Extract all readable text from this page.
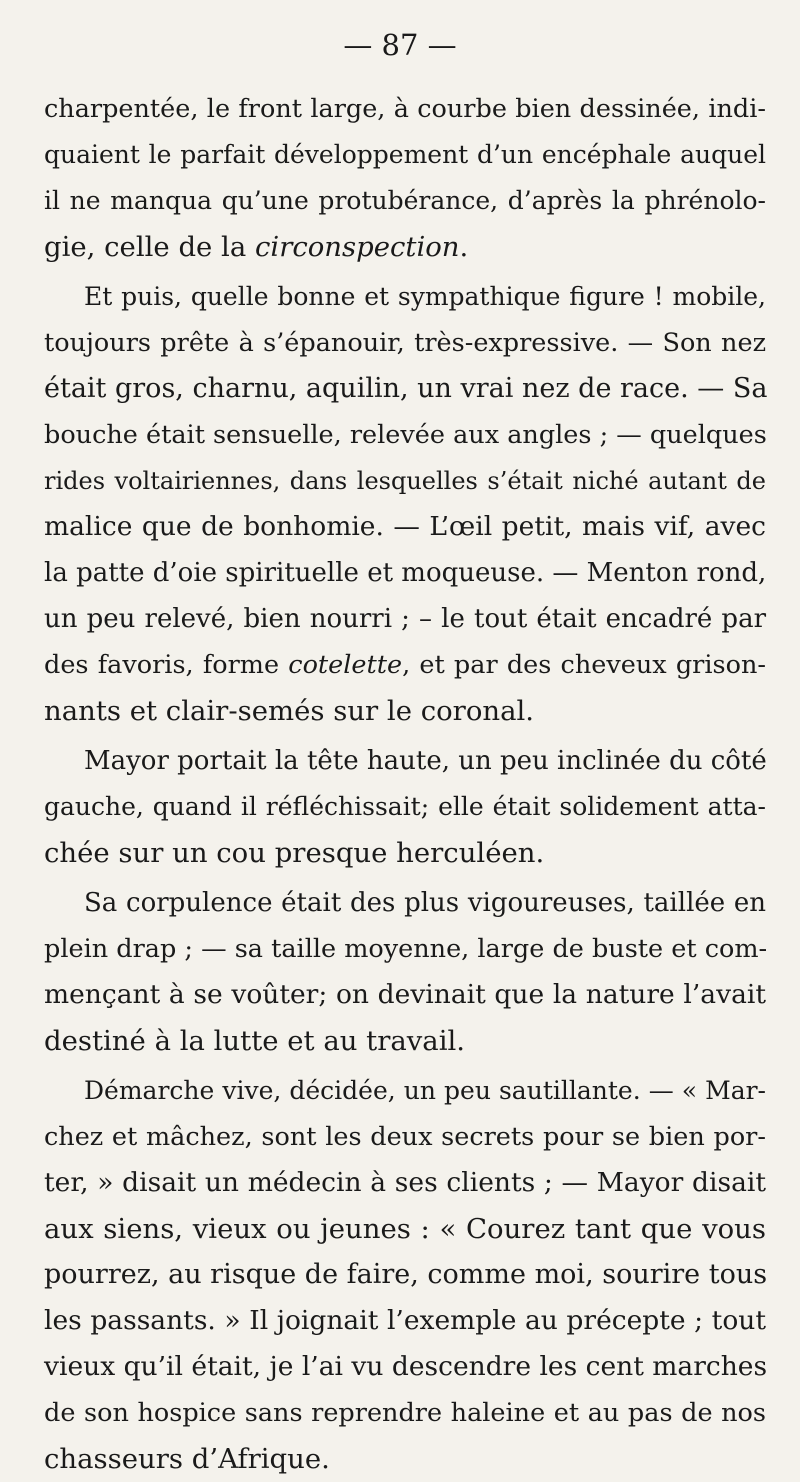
— 87 —
charpentée, le front large, à courbe bien dessinée, indi-
quaient le parfait développement d’un encéphale auquel
il ne manqua qu’une protubérance, d’après la phrénolo-
gie, celle de la circonspection.
Et puis, quelle bonne et sympathique figure ! mobile,
toujours prête à s’épanouir, très-expressive. — Son nez
était gros, charnu, aquilin, un vrai nez de race. — Sa
bouche était sensuelle, relevée aux angles ; — quelques
rides voltairiennes, dans lesquelles s’était niché autant de
malice que de bonhomie. — L’œil petit, mais vif, avec
la patte d’oie spirituelle et moqueuse. — Menton rond,
un peu relevé, bien nourri ; – le tout était encadré par
des favoris, forme cotelette, et par des cheveux grison-
nants et clair-semés sur le coronal.
Mayor portait la tête haute, un peu inclinée du côté
gauche, quand il réfléchissait; elle était solidement atta-
chée sur un cou presque herculéen.
Sa corpulence était des plus vigoureuses, taillée en
plein drap ; — sa taille moyenne, large de buste et com-
mençant à se voûter; on devinait que la nature l’avait
destiné à la lutte et au travail.
Démarche vive, décidée, un peu sautillante. — « Mar-
chez et mâchez, sont les deux secrets pour se bien por-
ter, » disait un médecin à ses clients ; — Mayor disait
aux siens, vieux ou jeunes : « Courez tant que vous
pourrez, au risque de faire, comme moi, sourire tous
les passants. » Il joignait l’exemple au précepte ; tout
vieux qu’il était, je l’ai vu descendre les cent marches
de son hospice sans reprendre haleine et au pas de nos
chasseurs d’Afrique.
